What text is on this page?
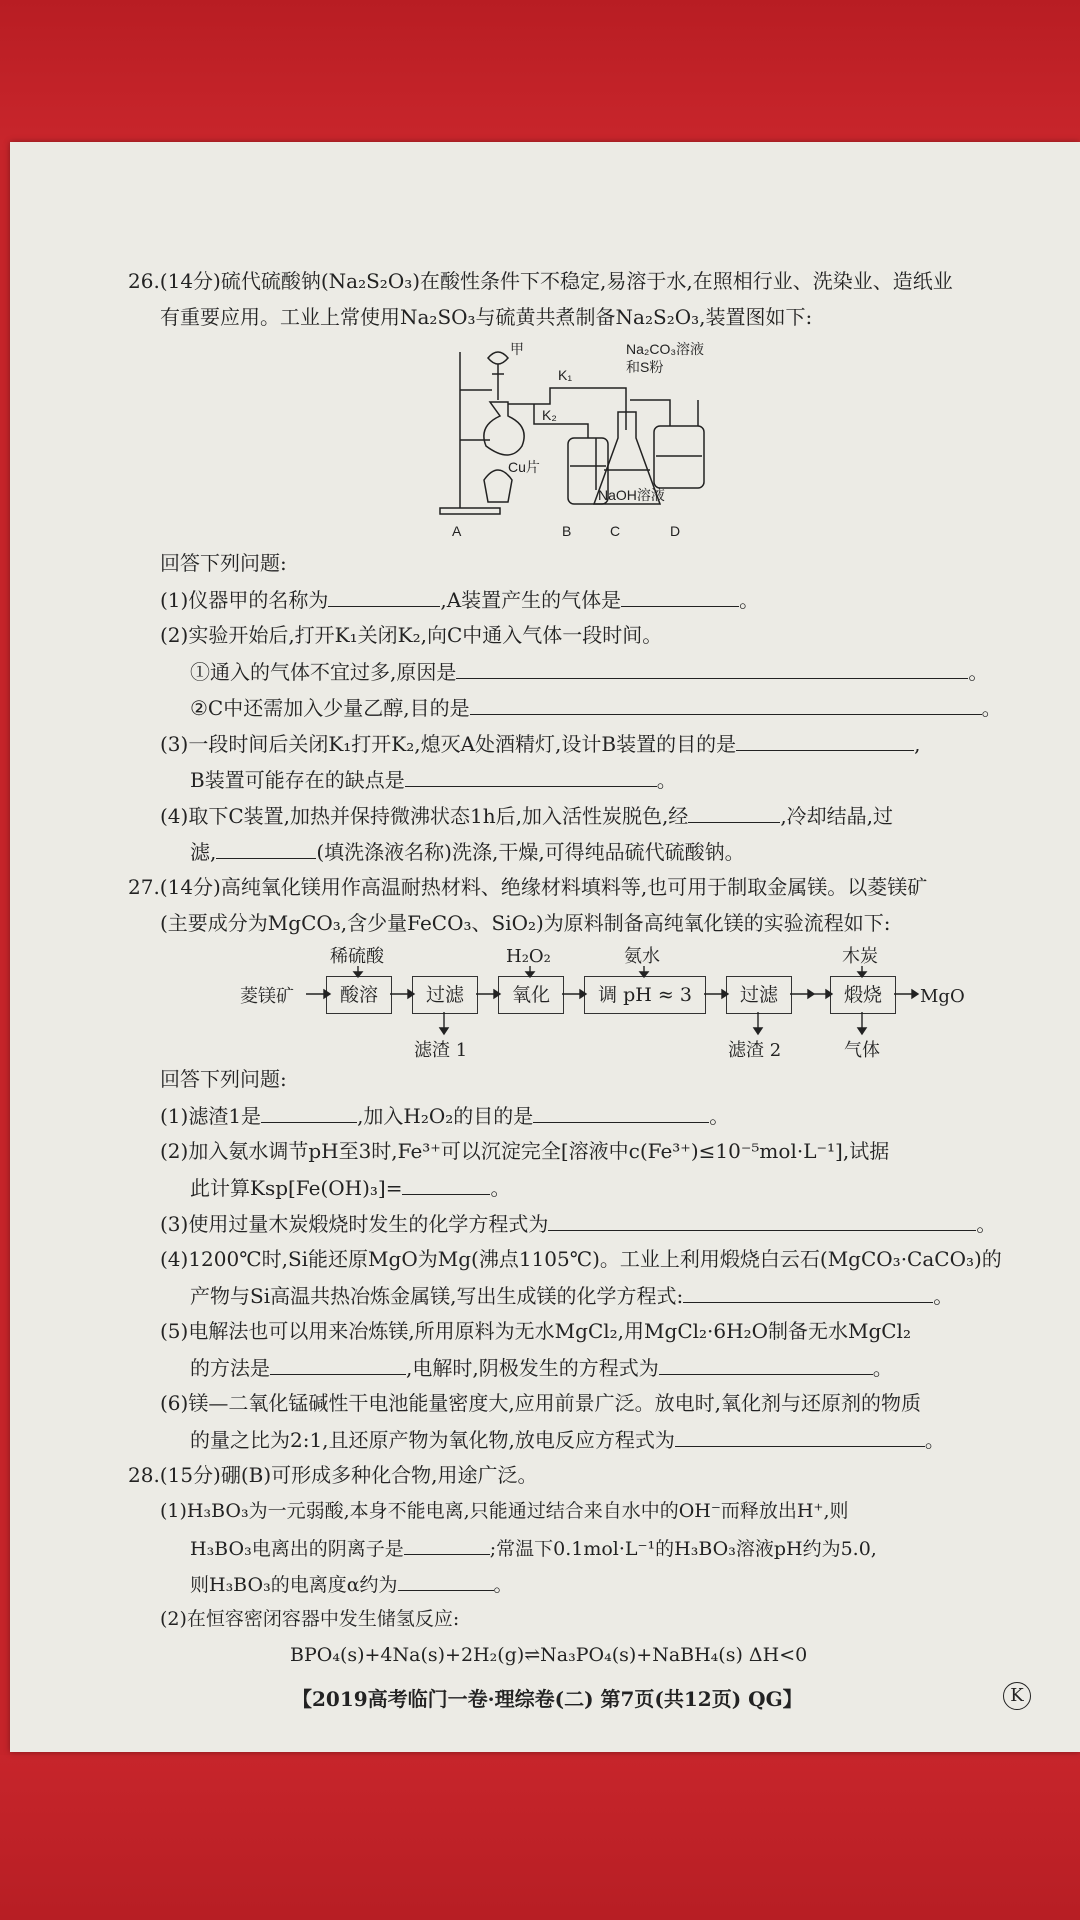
26.(14分)硫代硫酸钠(Na₂S₂O₃)在酸性条件下不稳定,易溶于水,在照相行业、洗染业、造纸业
有重要应用。工业上常使用Na₂SO₃与硫黄共煮制备Na₂S₂O₃,装置图如下:
甲
K₁
K₂
Cu片
Na₂CO₃溶液
和S粉
NaOH溶液
A	B	C	D
回答下列问题:
(1)仪器甲的名称为	,A装置产生的气体是	。
(2)实验开始后,打开K₁关闭K₂,向C中通入气体一段时间。
①通入的气体不宜过多,原因是	。
②C中还需加入少量乙醇,目的是	。
(3)一段时间后关闭K₁打开K₂,熄灭A处酒精灯,设计B装置的目的是	,
B装置可能存在的缺点是	。
(4)取下C装置,加热并保持微沸状态1h后,加入活性炭脱色,经	,冷却结晶,过
滤,	(填洗涤液名称)洗涤,干燥,可得纯品硫代硫酸钠。
27.(14分)高纯氧化镁用作高温耐热材料、绝缘材料填料等,也可用于制取金属镁。以菱镁矿
(主要成分为MgCO₃,含少量FeCO₃、SiO₂)为原料制备高纯氧化镁的实验流程如下:
菱镁矿	酸溶	过滤	氧化	调 pH ≈ 3	过滤	煅烧	MgO
稀硫酸	H₂O₂	氨水	木炭
滤渣 1	滤渣 2	气体
回答下列问题:
(1)滤渣1是	,加入H₂O₂的目的是	。
(2)加入氨水调节pH至3时,Fe³⁺可以沉淀完全[溶液中c(Fe³⁺)≤10⁻⁵mol·L⁻¹],试据
此计算Ksp[Fe(OH)₃]=	。
(3)使用过量木炭煅烧时发生的化学方程式为	。
(4)1200℃时,Si能还原MgO为Mg(沸点1105℃)。工业上利用煅烧白云石(MgCO₃·CaCO₃)的
产物与Si高温共热冶炼金属镁,写出生成镁的化学方程式:	。
(5)电解法也可以用来冶炼镁,所用原料为无水MgCl₂,用MgCl₂·6H₂O制备无水MgCl₂
的方法是	,电解时,阴极发生的方程式为	。
(6)镁—二氧化锰碱性干电池能量密度大,应用前景广泛。放电时,氧化剂与还原剂的物质
的量之比为2:1,且还原产物为氧化物,放电反应方程式为	。
28.(15分)硼(B)可形成多种化合物,用途广泛。
(1)H₃BO₃为一元弱酸,本身不能电离,只能通过结合来自水中的OH⁻而释放出H⁺,则
H₃BO₃电离出的阴离子是	;常温下0.1mol·L⁻¹的H₃BO₃溶液pH约为5.0,
则H₃BO₃的电离度α约为	。
(2)在恒容密闭容器中发生储氢反应:
BPO₄(s)+4Na(s)+2H₂(g)⇌Na₃PO₄(s)+NaBH₄(s) ΔH<0
【2019高考临门一卷·理综卷(二) 第7页(共12页) QG】	K
